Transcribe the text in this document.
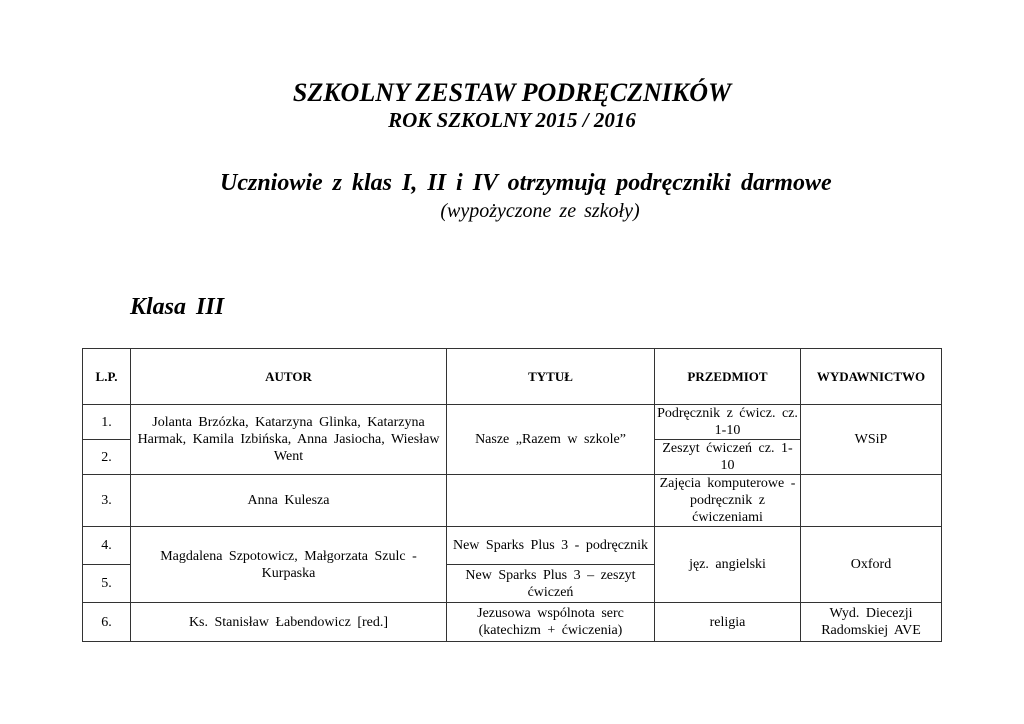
SZKOLNY ZESTAW PODRĘCZNIKÓW
ROK SZKOLNY 2015 / 2016
Uczniowie z klas I, II i IV otrzymują podręczniki darmowe
(wypożyczone ze szkoły)
Klasa III
L.P.	AUTOR	TYTUŁ	PRZEDMIOT	WYDAWNICTWO
1.	Jolanta Brzózka, Katarzyna Glinka, Katarzyna Harmak, Kamila Izbińska, Anna Jasiocha, Wiesław Went	Nasze „Razem w szkole”	Podręcznik z ćwicz. cz. 1-10	WSiP
2.			Zeszyt ćwiczeń cz. 1-10	
3.	Anna Kulesza		Zajęcia komputerowe - podręcznik z ćwiczeniami	
4.	Magdalena Szpotowicz, Małgorzata Szulc - Kurpaska	New Sparks Plus 3 - podręcznik	jęz. angielski	Oxford
5.		New Sparks Plus 3 – zeszyt ćwiczeń		
6.	Ks. Stanisław Łabendowicz [red.]	Jezusowa wspólnota serc (katechizm + ćwiczenia)	religia	Wyd. Diecezji Radomskiej AVE
